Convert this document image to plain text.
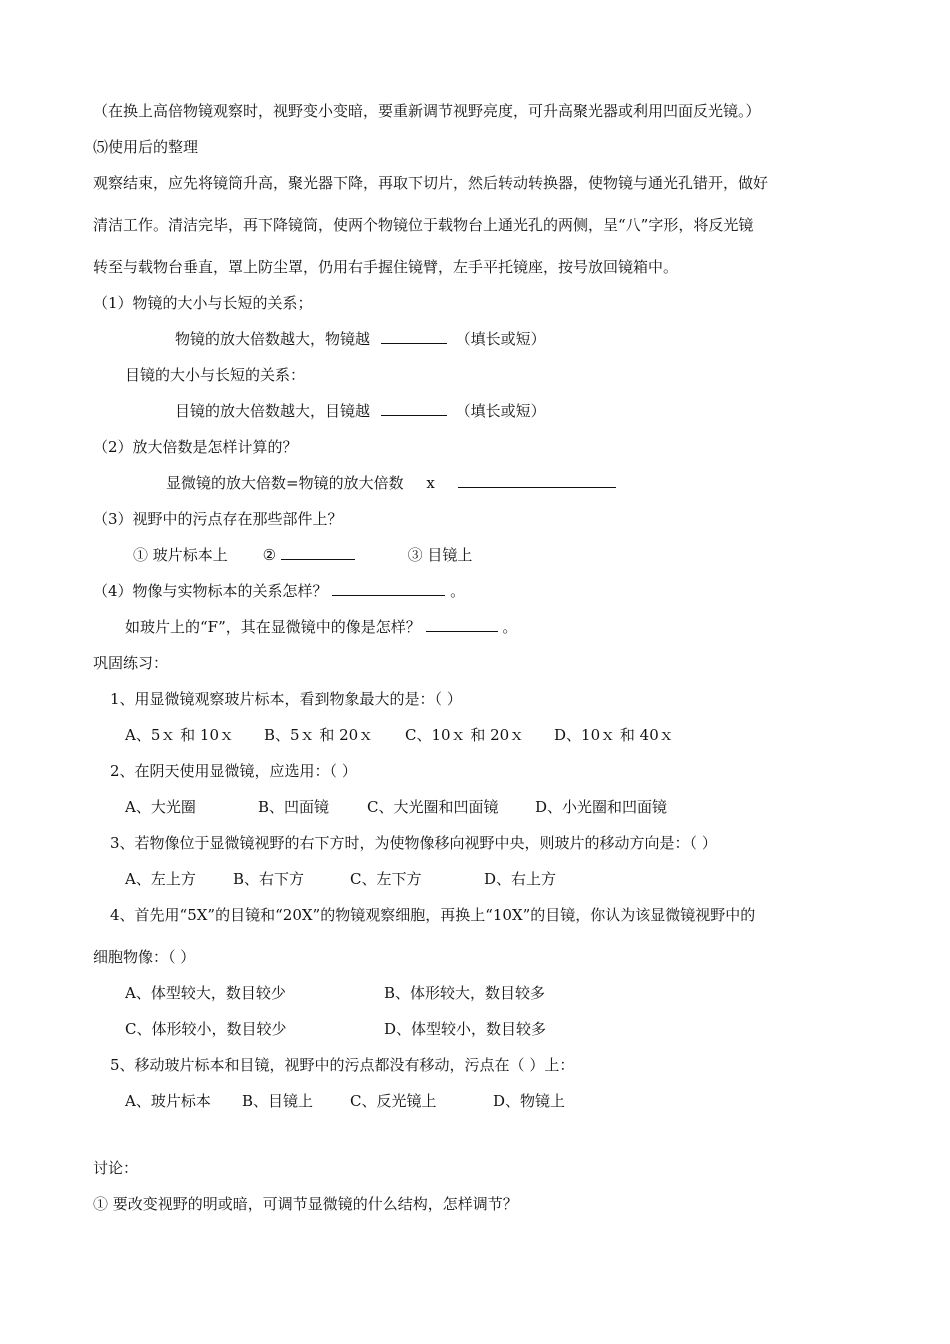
（在换上高倍物镜观察时，视野变小变暗，要重新调节视野亮度，可升高聚光器或利用凹面反光镜。）
⑸使用后的整理
观察结束，应先将镜筒升高，聚光器下降，再取下切片，然后转动转换器，使物镜与通光孔错开，做好
清洁工作。清洁完毕，再下降镜筒，使两个物镜位于载物台上通光孔的两侧，呈“八”字形，将反光镜
转至与载物台垂直，罩上防尘罩，仍用右手握住镜臂，左手平托镜座，按号放回镜箱中。
（1）物镜的大小与长短的关系；
物镜的放大倍数越大，物镜越	（填长或短）
目镜的大小与长短的关系：
目镜的放大倍数越大，目镜越	（填长或短）
（2）放大倍数是怎样计算的？
显微镜的放大倍数=物镜的放大倍数 x
（3）视野中的污点存在那些部件上？
① 玻片标本上 ②	③ 目镜上
（4）物像与实物标本的关系怎样？	。
如玻片上的“F”，其在显微镜中的像是怎样？	。
巩固练习：
1、用显微镜观察玻片标本，看到物象最大的是：（ ）
A、5ｘ 和 10ｘ B、5ｘ 和 20ｘ C、10ｘ 和 20ｘ D、10ｘ 和 40ｘ
2、在阴天使用显微镜，应选用：（ ）
A、大光圈	B、凹面镜	C、大光圈和凹面镜 D、小光圈和凹面镜
3、若物像位于显微镜视野的右下方时，为使物像移向视野中央，则玻片的移动方向是：（ ）
A、左上方 B、右下方	C、左下方	D、右上方
4、首先用“5X”的目镜和“20X”的物镜观察细胞，再换上“10X”的目镜，你认为该显微镜视野中的
细胞物像：（ ）
A、体型较大，数目较少	B、体形较大，数目较多
C、体形较小，数目较少	D、体型较小，数目较多
5、移动玻片标本和目镜，视野中的污点都没有移动，污点在（ ）上：
A、玻片标本 B、目镜上 C、反光镜上	D、物镜上
讨论：
① 要改变视野的明或暗，可调节显微镜的什么结构，怎样调节？
